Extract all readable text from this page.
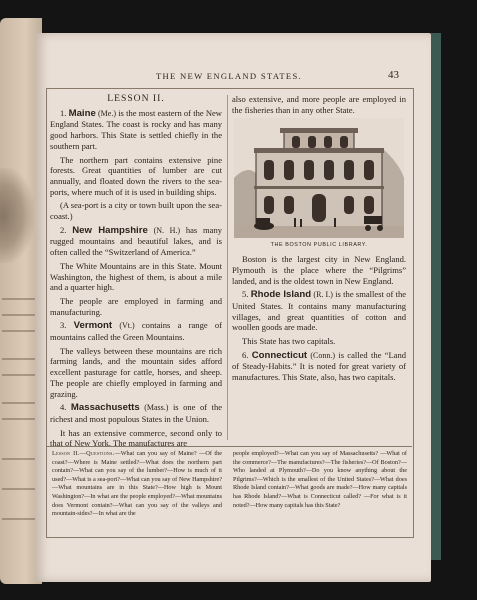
THE NEW ENGLAND STATES.	43

LESSON II.

1. Maine (Me.) is the most eastern of the New England States. The coast is rocky and has many good harbors. This State is settled chiefly in the southern part.

The northern part contains extensive pine forests. Great quantities of lumber are cut annually, and floated down the rivers to the sea-ports, where much of it is used in building ships.

(A sea-port is a city or town built upon the sea-coast.)

2. New Hampshire (N. H.) has many rugged mountains and beautiful lakes, and is often called the “Switzerland of America.”

The White Mountains are in this State. Mount Washington, the highest of them, is about a mile and a quarter high.

The people are employed in farming and manufacturing.

3. Vermont (Vt.) contains a range of mountains called the Green Mountains.

The valleys between these mountains are rich farming lands, and the mountain sides afford excellent pasturage for cattle, horses, and sheep. The people are chiefly employed in farming and grazing.

4. Massachusetts (Mass.) is one of the richest and most populous States in the Union.

It has an extensive commerce, second only to that of New York. The manufactures are

also extensive, and more people are employed in the fisheries than in any other State.

THE BOSTON PUBLIC LIBRARY.

Boston is the largest city in New England. Plymouth is the place where the “Pilgrims” landed, and is the oldest town in New England.

5. Rhode Island (R. I.) is the smallest of the United States. It contains many manufacturing villages, and great quantities of cotton and woollen goods are made.

This State has two capitals.

6. Connecticut (Conn.) is called the “Land of Steady-Habits.” It is noted for great variety of manufactures. This State, also, has two capitals.

Lesson II.—Questions.—What can you say of Maine? —Of the coast?—Where is Maine settled?—What does the northern part contain?—What can you say of the lumber?—How is much of it used?—What is a sea-port?—What can you say of New Hampshire?—What mountains are in this State?—How high is Mount Washington?—In what are the people employed?—What mountains does Vermont contain?—What can you say of the valleys and mountain-sides?—In what are the
people employed?—What can you say of Massachusetts? —What of the commerce?—The manufactures?—The fisheries?—Of Boston?—Who landed at Plymouth?—Do you know anything about the Pilgrims?—Which is the smallest of the United States?—What does Rhode Island contain?—What goods are made?—How many capitals has Rhode Island?—What is Connecticut called? —For what is it noted?—How many capitals has this State?
